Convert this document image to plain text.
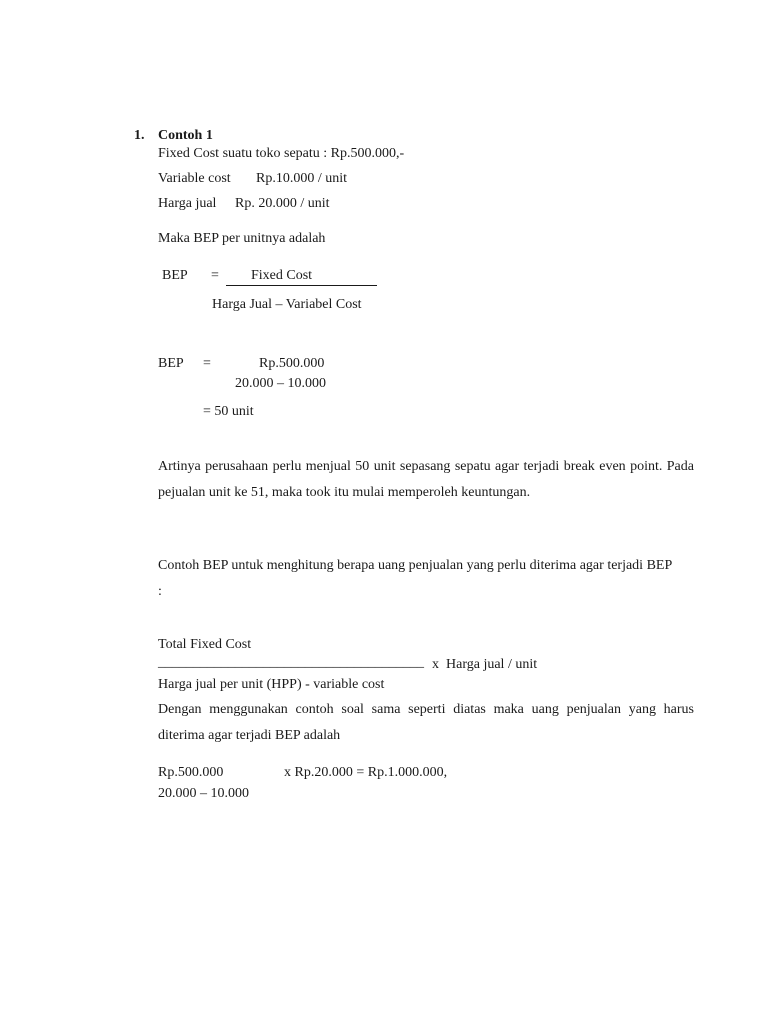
1. Contoh 1
Fixed Cost suatu toko sepatu : Rp.500.000,-
Variable cost Rp.10.000 / unit
Harga jual Rp. 20.000 / unit
Maka BEP per unitnya adalah
BEP = Fixed Cost
Harga Jual – Variabel Cost
BEP =	Rp.500.000
20.000 – 10.000
= 50 unit
Artinya perusahaan perlu menjual 50 unit sepasang sepatu agar terjadi break even point. Pada pejualan unit ke 51, maka took itu mulai memperoleh keuntungan.
Contoh BEP untuk menghitung berapa uang penjualan yang perlu diterima agar terjadi BEP :
Total Fixed Cost
______________________________________ x  Harga jual / unit
Harga jual per unit (HPP) - variable cost
Dengan menggunakan contoh soal sama seperti diatas maka uang penjualan yang harus diterima agar terjadi BEP adalah
Rp.500.000	x Rp.20.000 = Rp.1.000.000,
20.000 – 10.000
